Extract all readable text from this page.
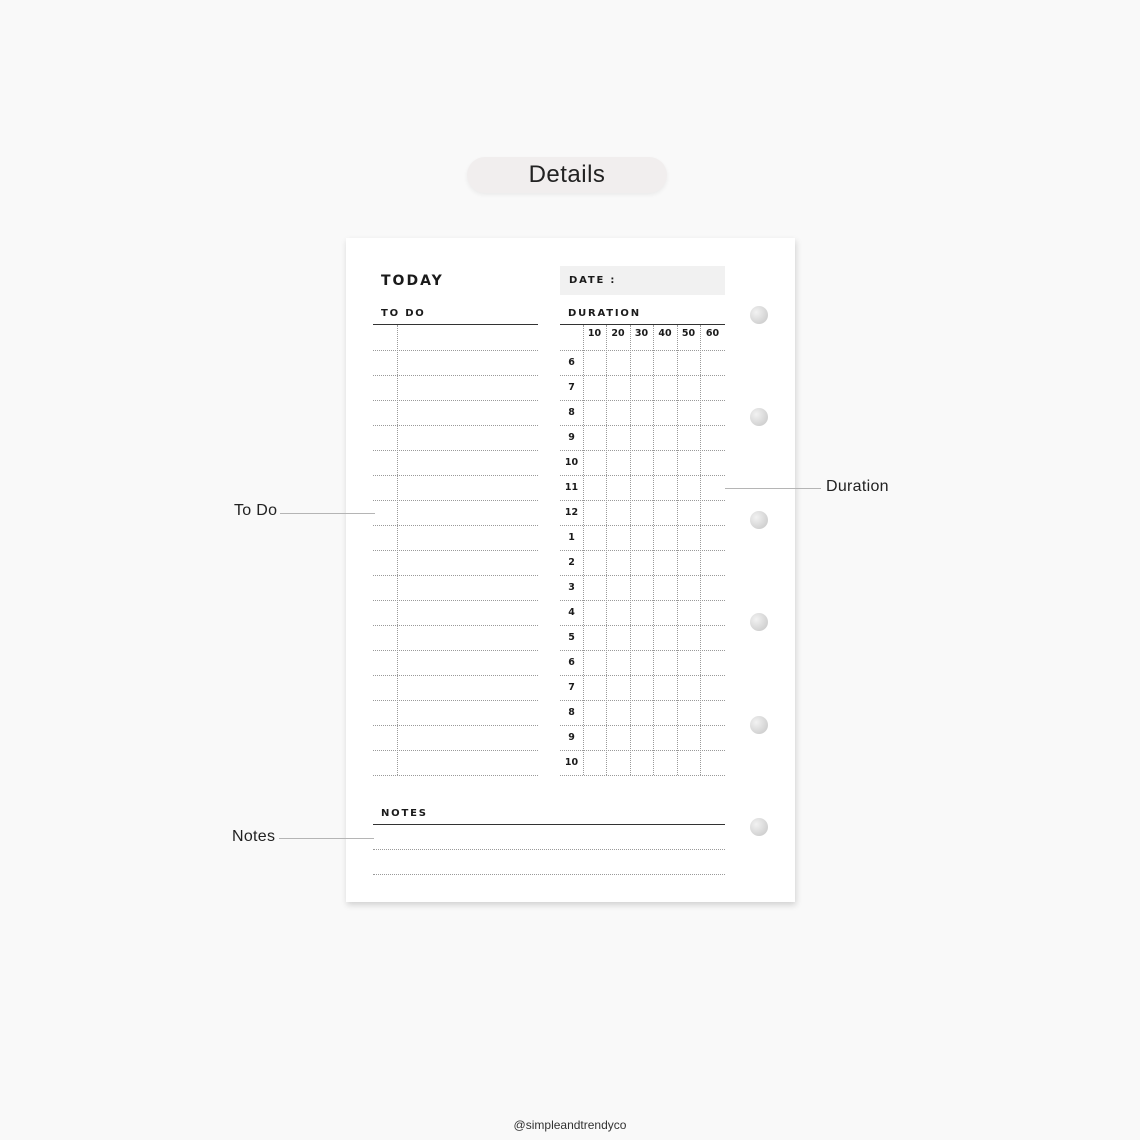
Details
TODAY	DATE :
TO DO	DURATION
10	20	30	40	50	60
6
7
8
9
10
11
12
1
2
3
4
5
6
7
8
9
10
NOTES
To Do
Duration
Notes
@simpleandtrendyco
